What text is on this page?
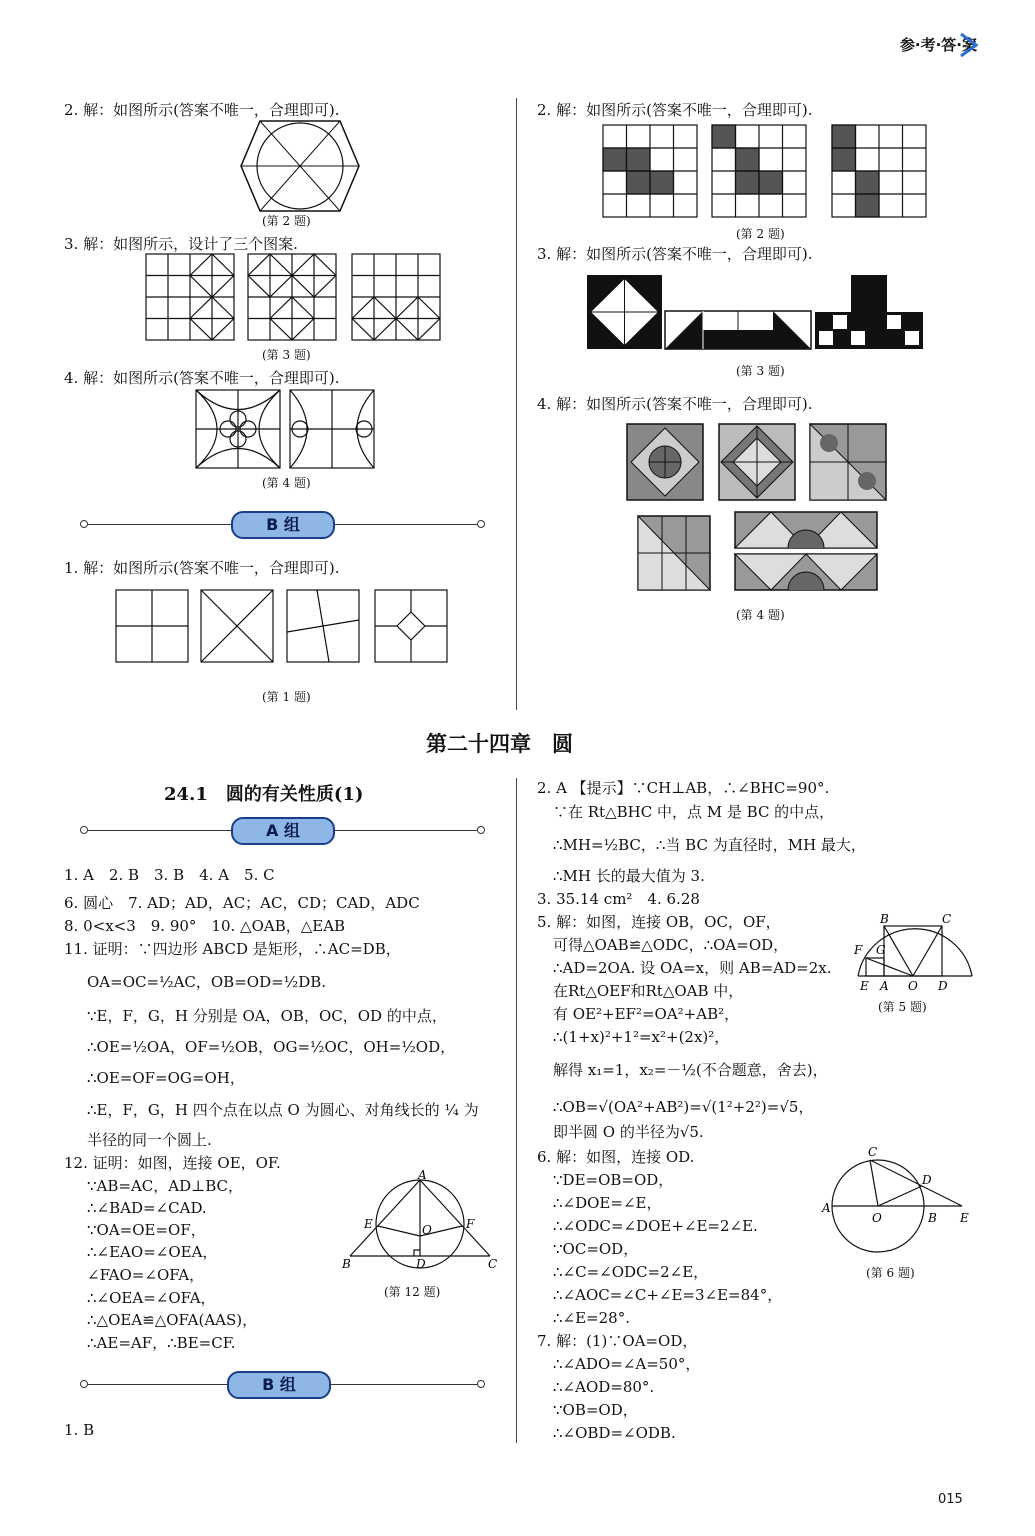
参·考·答·案
2. 解：如图所示(答案不唯一，合理即可).
(第 2 题)
3. 解：如图所示，设计了三个图案.
(第 3 题)
4. 解：如图所示(答案不唯一，合理即可).
(第 4 题)
B 组
1. 解：如图所示(答案不唯一，合理即可).
(第 1 题)
2. 解：如图所示(答案不唯一，合理即可).
(第 2 题)
3. 解：如图所示(答案不唯一，合理即可).
(第 3 题)
4. 解：如图所示(答案不唯一，合理即可).
(第 4 题)
第二十四章　圆
24.1　圆的有关性质(1)
A 组
1. A　2. B　3. B　4. A　5. C
6. 圆心　7. AD；AD，AC；AC，CD；CAD，ADC
8. 0<x<3　9. 90°　10. △OAB，△EAB
11. 证明：∵四边形 ABCD 是矩形，∴AC=DB，
OA=OC=½AC，OB=OD=½DB.
∵E，F，G，H 分别是 OA，OB，OC，OD 的中点，
∴OE=½OA，OF=½OB，OG=½OC，OH=½OD，
∴OE=OF=OG=OH，
∴E，F，G，H 四个点在以点 O 为圆心、对角线长的 ¼ 为
半径的同一个圆上.
12. 证明：如图，连接 OE，OF.
∵AB=AC，AD⊥BC，
∴∠BAD=∠CAD.
∵OA=OE=OF，
∴∠EAO=∠OEA，
∠FAO=∠OFA，
∴∠OEA=∠OFA，
∴△OEA≌△OFA(AAS)，
∴AE=AF，∴BE=CF.
A
E	F
O
B	D	C
(第 12 题)
B 组
1. B
2. A 【提示】∵CH⊥AB，∴∠BHC=90°.
∵在 Rt△BHC 中，点 M 是 BC 的中点，
∴MH=½BC，∴当 BC 为直径时，MH 最大，
∴MH 长的最大值为 3.
3. 35.14 cm²　4. 6.28
5. 解：如图，连接 OB，OC，OF，
可得△OAB≌△ODC，∴OA=OD，
∴AD=2OA. 设 OA=x，则 AB=AD=2x.
在Rt△OEF和Rt△OAB 中，
有 OE²+EF²=OA²+AB²，
∴(1+x)²+1²=x²+(2x)²，
解得 x₁=1，x₂=－½(不合题意，舍去)，
∴OB=√(OA²+AB²)=√(1²+2²)=√5，
即半圆 O 的半径为√5.
B	C
F G
E A O D
(第 5 题)
6. 解：如图，连接 OD.
∵DE=OB=OD，
∴∠DOE=∠E，
∴∠ODC=∠DOE+∠E=2∠E.
∵OC=OD，
∴∠C=∠ODC=2∠E，
∴∠AOC=∠C+∠E=3∠E=84°，
∴∠E=28°.
C
D
A
O	B E
(第 6 题)
7. 解：(1)∵OA=OD，
∴∠ADO=∠A=50°，
∴∠AOD=80°.
∵OB=OD，
∴∠OBD=∠ODB.
015
